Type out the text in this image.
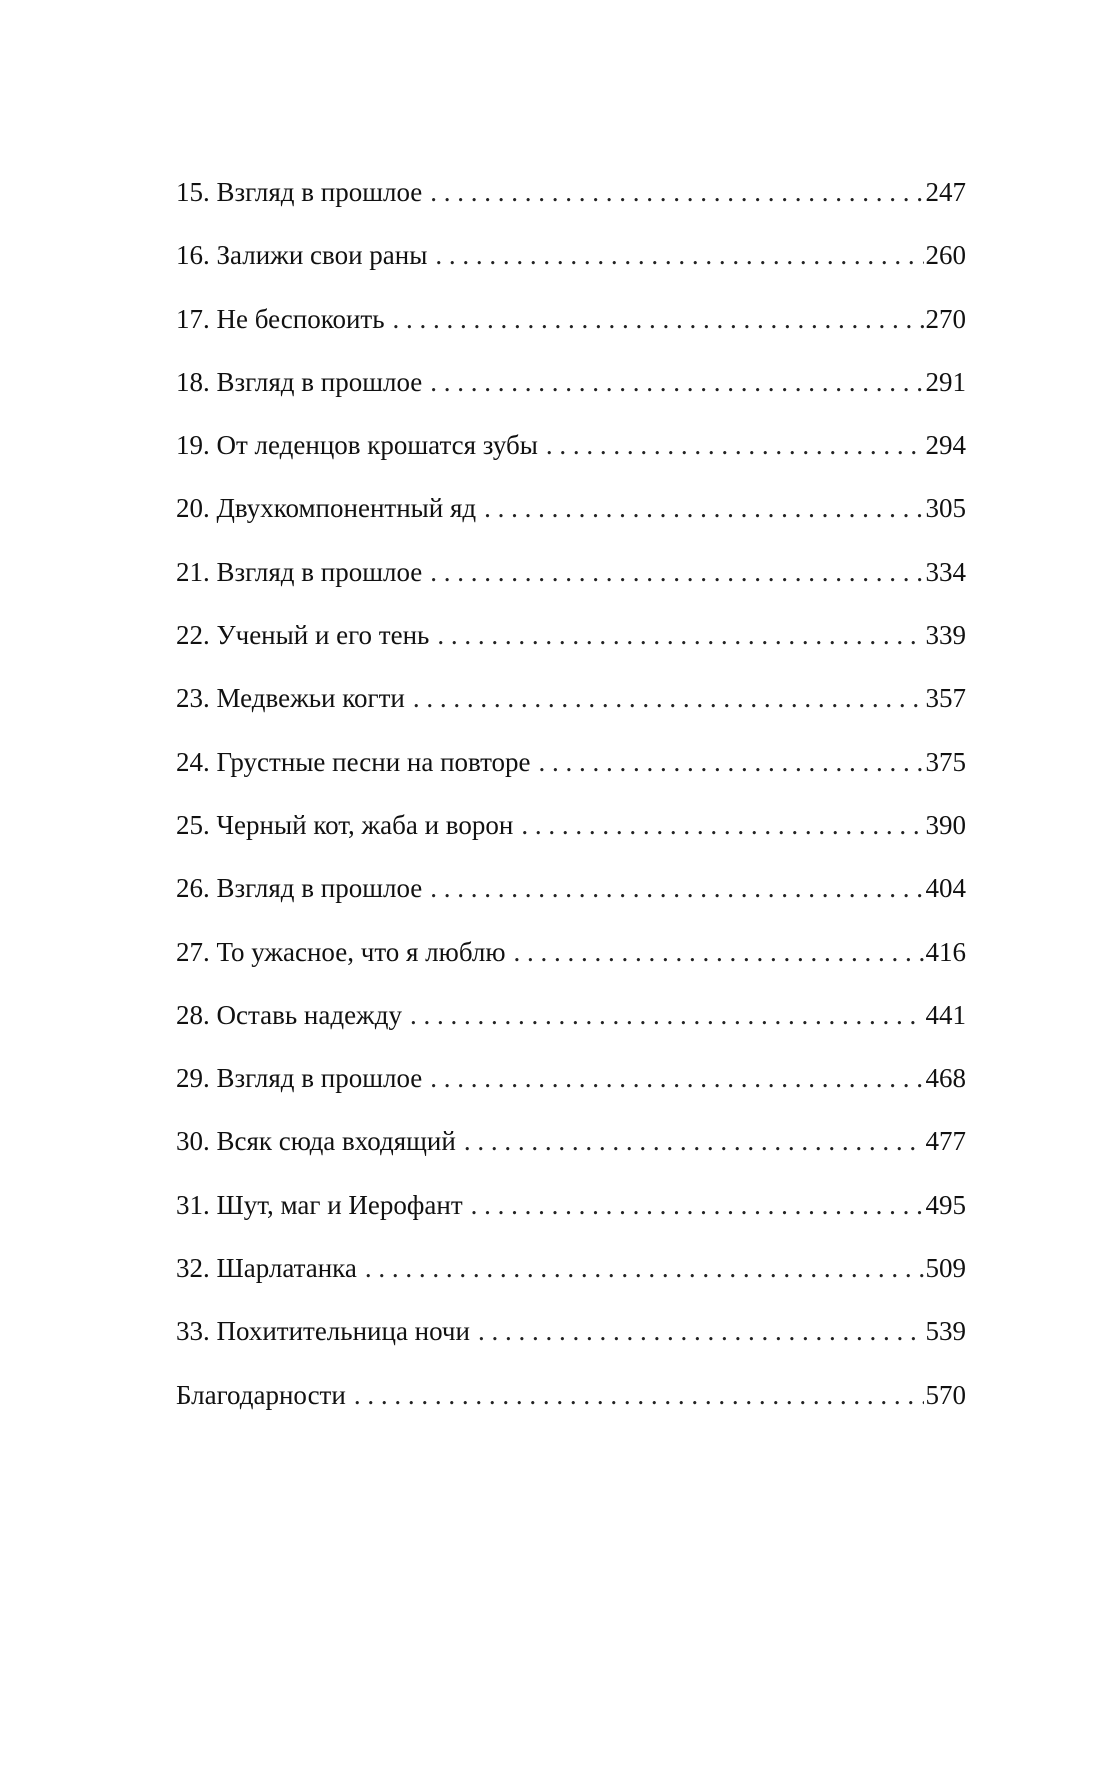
15. Взгляд в прошлое . . .	247
16. Залижи свои раны . . .	260
17. Не беспокоить . . .	270
18. Взгляд в прошлое . . .	291
19. От леденцов крошатся зубы . . .	294
20. Двухкомпонентный яд . . .	305
21. Взгляд в прошлое . . .	334
22. Ученый и его тень . . .	339
23. Медвежьи когти . . .	357
24. Грустные песни на повторе . . .	375
25. Черный кот, жаба и ворон . . .	390
26. Взгляд в прошлое . . .	404
27. То ужасное, что я люблю . . .	416
28. Оставь надежду . . .	441
29. Взгляд в прошлое . . .	468
30. Всяк сюда входящий . . .	477
31. Шут, маг и Иерофант . . .	495
32. Шарлатанка . . .	509
33. Похитительница ночи . . .	539
Благодарности . . .	570
